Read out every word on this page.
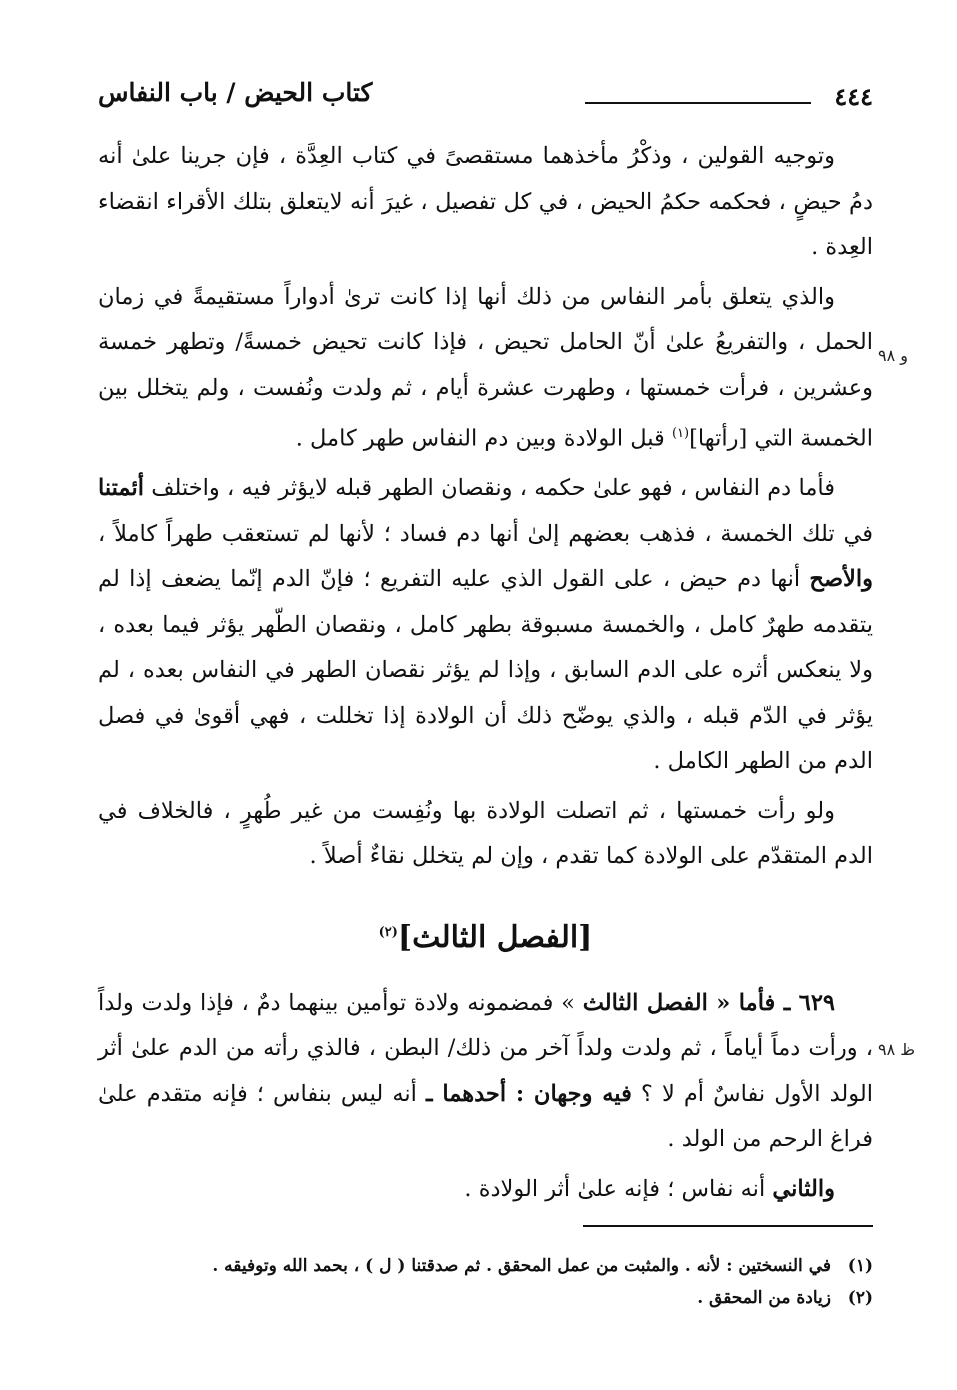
٤٤٤
كتاب الحيض / باب النفاس
و ٩٨
ظ ٩٨

وتوجيه القولين ، وذكْرُ مأخذهما مستقصىً في كتاب العِدَّة ، فإن جرينا علىٰ أنه دمُ حيضٍ ، فحكمه حكمُ الحيض ، في كل تفصيل ، غيرَ أنه لايتعلق بتلك الأقراء انقضاء العِدة .

والذي يتعلق بأمر النفاس من ذلك أنها إذا كانت ترىٰ أدواراً مستقيمةً في زمان الحمل ، والتفريعُ علىٰ أنّ الحامل تحيض ، فإذا كانت تحيض خمسةً/ وتطهر خمسة وعشرين ، فرأت خمستها ، وطهرت عشرة أيام ، ثم ولدت ونُفست ، ولم يتخلل بين الخمسة التي [رأتها]$^{(١)}$ قبل الولادة وبين دم النفاس طهر كامل .

فأما دم النفاس ، فهو علىٰ حكمه ، ونقصان الطهر قبله لايؤثر فيه ، واختلف أئمتنا في تلك الخمسة ، فذهب بعضهم إلىٰ أنها دم فساد ؛ لأنها لم تستعقب طهراً كاملاً ، والأصح أنها دم حيض ، على القول الذي عليه التفريع ؛ فإنّ الدم إنّما يضعف إذا لم يتقدمه طهرٌ كامل ، والخمسة مسبوقة بطهر كامل ، ونقصان الطّهر يؤثر فيما بعده ، ولا ينعكس أثره على الدم السابق ، وإذا لم يؤثر نقصان الطهر في النفاس بعده ، لم يؤثر في الدّم قبله ، والذي يوضّح ذلك أن الولادة إذا تخللت ، فهي أقوىٰ في فصل الدم من الطهر الكامل .

ولو رأت خمستها ، ثم اتصلت الولادة بها ونُفِست من غير طُهرٍ ، فالخلاف في الدم المتقدّم على الولادة كما تقدم ، وإن لم يتخلل نقاءٌ أصلاً .

[الفصل الثالث]$^{(٢)}$

٦٢٩ ـ فأما « الفصل الثالث » فمضمونه ولادة توأمين بينهما دمٌ ، فإذا ولدت ولداً ، ورأت دماً أياماً ، ثم ولدت ولداً آخر من ذلك/ البطن ، فالذي رأته من الدم علىٰ أثر الولد الأول نفاسٌ أم لا ؟ فيه وجهان : أحدهما ـ أنه ليس بنفاس ؛ فإنه متقدم علىٰ فراغ الرحم من الولد .

والثاني أنه نفاس ؛ فإنه علىٰ أثر الولادة .

(١)في النسختين : لأنه . والمثبت من عمل المحقق . ثم صدقتنا ( ل ) ، بحمد الله وتوفيقه .
(٢)زيادة من المحقق .
